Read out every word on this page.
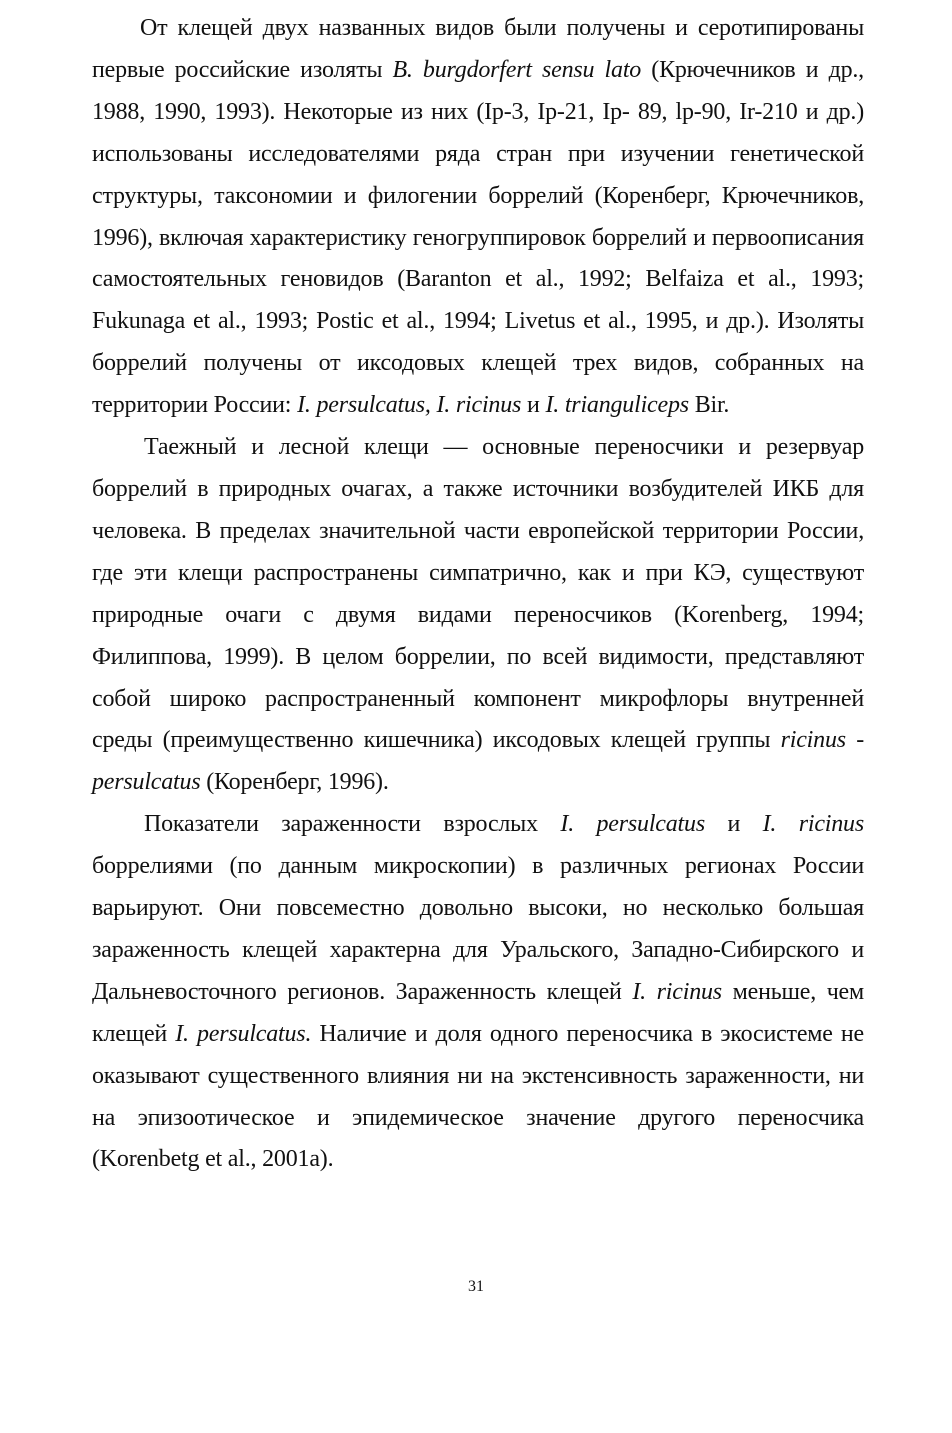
От клещей двух названных видов были получены и серотипированы первые российские изоляты B. burgdorfert sensu lato (Крючечников и др., 1988, 1990, 1993). Некоторые из них (Ip-3, Ip-21, Ip- 89, lp-90, Ir-210 и др.) использованы исследователями ряда стран при изучении генетической структуры, таксономии и филогении боррелий (Коренберг, Крючечников, 1996), включая характеристику геногруппировок боррелий и первоописания самостоятельных геновидов (Baranton et al., 1992; Belfaiza et al., 1993; Fukunaga et al., 1993; Postic et al., 1994; Livetus et al., 1995, и др.). Изоляты боррелий получены от иксодовых клещей трех видов, собранных на территории России: I. persulcatus, I. ricinus и I. trianguliceps Bir.

Таежный и лесной клещи — основные переносчики и резервуар боррелий в природных очагах, а также источники возбудителей ИКБ для человека. В пределах значительной части европейской территории России, где эти клещи распространены симпатрично, как и при КЭ, существуют природные очаги с двумя видами переносчиков (Korenberg, 1994; Филиппова, 1999). В целом боррелии, по всей видимости, представляют собой широко распространенный компонент микрофлоры внутренней среды (преимущественно кишечника) иксодовых клещей группы ricinus - persulcatus (Коренберг, 1996).

Показатели зараженности взрослых I. persulcatus и I. ricinus боррелиями (по данным микроскопии) в различных регионах России варьируют. Они повсеместно довольно высоки, но несколько большая зараженность клещей характерна для Уральского, Западно-Сибирского и Дальневосточного регионов. Зараженность клещей I. ricinus меньше, чем клещей I. persulcatus. Наличие и доля одного переносчика в экосистеме не оказывают существенного влияния ни на экстенсивность зараженности, ни на эпизоотическое и эпидемическое значение другого переносчика (Korenbetg et al., 2001a).

31
